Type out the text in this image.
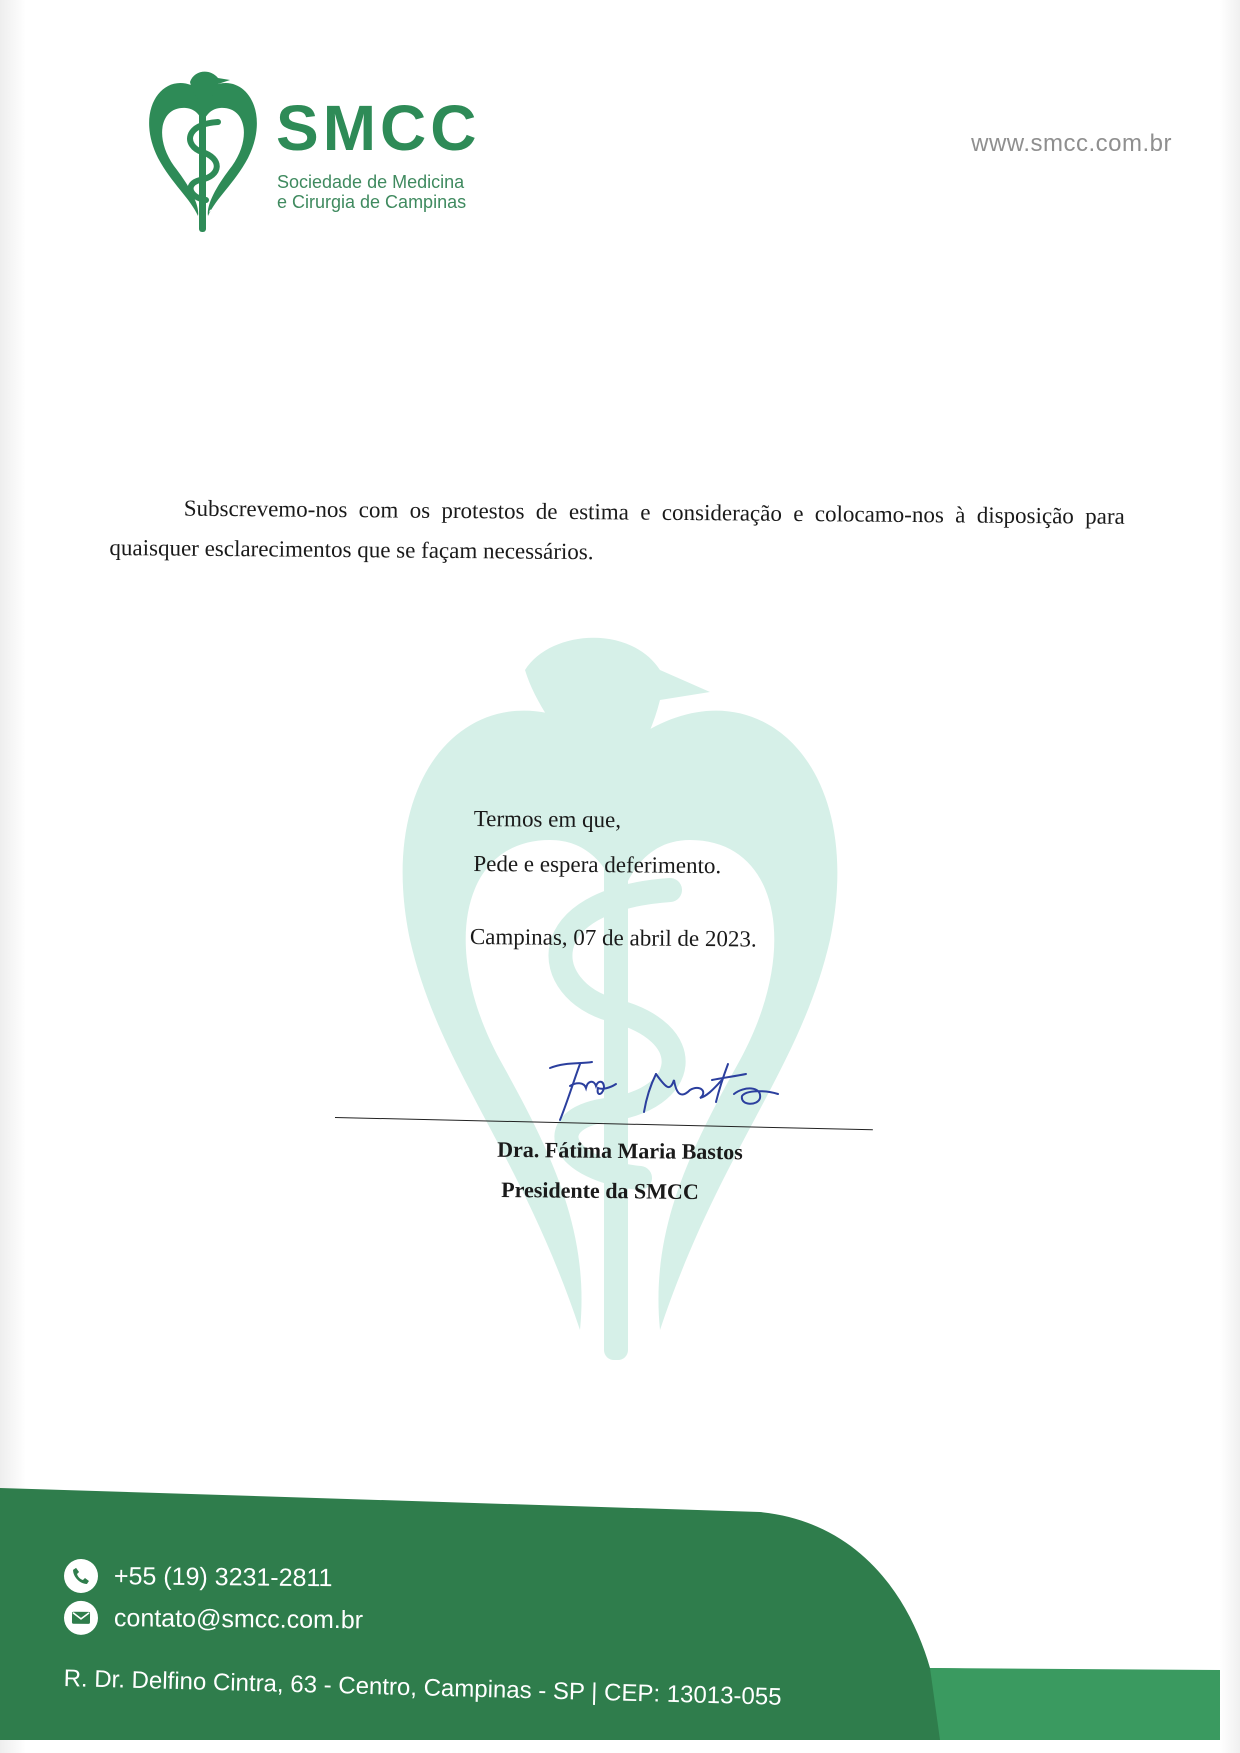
1925
SMCC
Sociedade de Medicina
e Cirurgia de Campinas
www.smcc.com.br
Subscrevemo-nos com os protestos de estima e consideração e colocamo-nos à disposição para quaisquer esclarecimentos que se façam necessários.
Termos em que,
Pede e espera deferimento.
Campinas, 07 de abril de 2023.
Dra. Fátima Maria Bastos
Presidente da SMCC
+55 (19) 3231-2811
contato@smcc.com.br
R. Dr. Delfino Cintra, 63 - Centro, Campinas - SP | CEP: 13013-055
